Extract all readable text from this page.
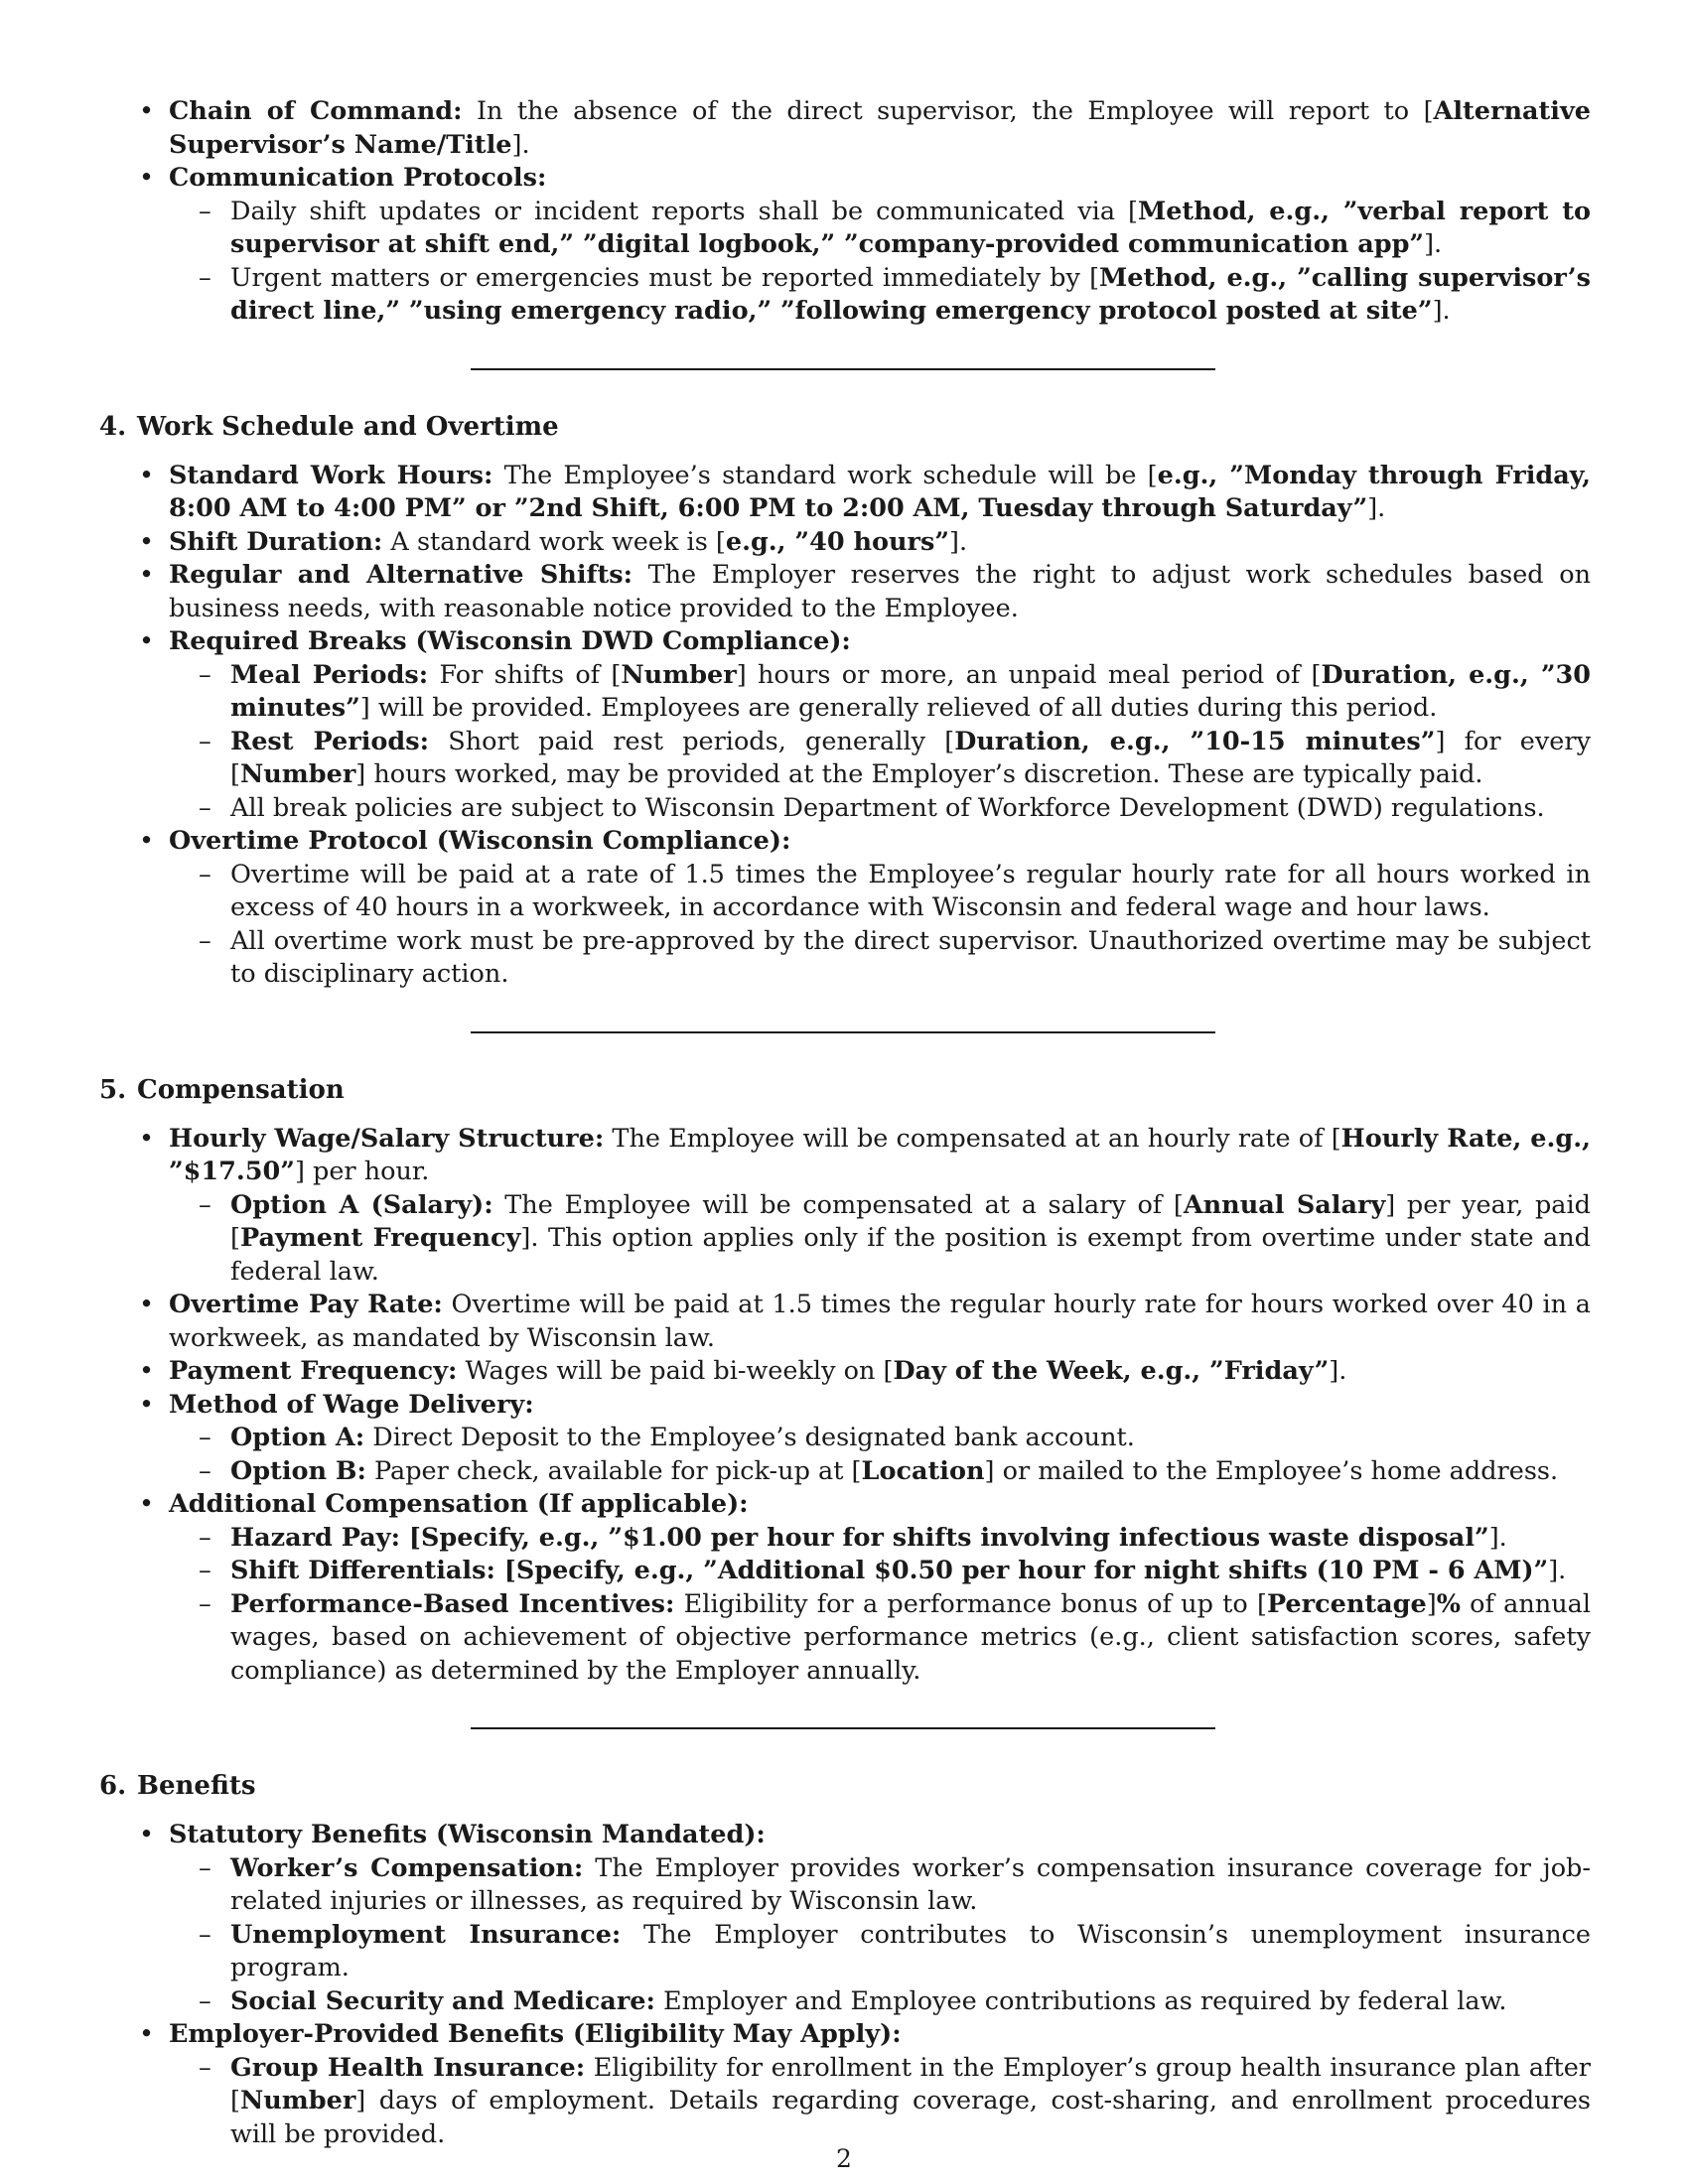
• Chain of Command: In the absence of the direct supervisor, the Employee will report to [Alternative Supervisor’s Name/Title].
• Communication Protocols:
– Daily shift updates or incident reports shall be communicated via [Method, e.g., ”verbal report to supervisor at shift end,” ”digital logbook,” ”company-provided communication app”].
– Urgent matters or emergencies must be reported immediately by [Method, e.g., ”calling supervisor’s direct line,” ”using emergency radio,” ”following emergency protocol posted at site”].
4. Work Schedule and Overtime
• Standard Work Hours: The Employee’s standard work schedule will be [e.g., ”Monday through Friday, 8:00 AM to 4:00 PM” or ”2nd Shift, 6:00 PM to 2:00 AM, Tuesday through Saturday”].
• Shift Duration: A standard work week is [e.g., ”40 hours”].
• Regular and Alternative Shifts: The Employer reserves the right to adjust work schedules based on business needs, with reasonable notice provided to the Employee.
• Required Breaks (Wisconsin DWD Compliance):
– Meal Periods: For shifts of [Number] hours or more, an unpaid meal period of [Duration, e.g., ”30 minutes”] will be provided. Employees are generally relieved of all duties during this period.
– Rest Periods: Short paid rest periods, generally [Duration, e.g., ”10-15 minutes”] for every [Number] hours worked, may be provided at the Employer’s discretion. These are typically paid.
– All break policies are subject to Wisconsin Department of Workforce Development (DWD) regulations.
• Overtime Protocol (Wisconsin Compliance):
– Overtime will be paid at a rate of 1.5 times the Employee’s regular hourly rate for all hours worked in excess of 40 hours in a workweek, in accordance with Wisconsin and federal wage and hour laws.
– All overtime work must be pre-approved by the direct supervisor. Unauthorized overtime may be subject to disciplinary action.
5. Compensation
• Hourly Wage/Salary Structure: The Employee will be compensated at an hourly rate of [Hourly Rate, e.g., ”$17.50”] per hour.
– Option A (Salary): The Employee will be compensated at a salary of [Annual Salary] per year, paid [Payment Frequency]. This option applies only if the position is exempt from overtime under state and federal law.
• Overtime Pay Rate: Overtime will be paid at 1.5 times the regular hourly rate for hours worked over 40 in a workweek, as mandated by Wisconsin law.
• Payment Frequency: Wages will be paid bi-weekly on [Day of the Week, e.g., ”Friday”].
• Method of Wage Delivery:
– Option A: Direct Deposit to the Employee’s designated bank account.
– Option B: Paper check, available for pick-up at [Location] or mailed to the Employee’s home address.
• Additional Compensation (If applicable):
– Hazard Pay: [Specify, e.g., ”$1.00 per hour for shifts involving infectious waste disposal”].
– Shift Differentials: [Specify, e.g., ”Additional $0.50 per hour for night shifts (10 PM - 6 AM)”].
– Performance-Based Incentives: Eligibility for a performance bonus of up to [Percentage]% of annual wages, based on achievement of objective performance metrics (e.g., client satisfaction scores, safety compliance) as determined by the Employer annually.
6. Benefits
• Statutory Benefits (Wisconsin Mandated):
– Worker’s Compensation: The Employer provides worker’s compensation insurance coverage for job-related injuries or illnesses, as required by Wisconsin law.
– Unemployment Insurance: The Employer contributes to Wisconsin’s unemployment insurance program.
– Social Security and Medicare: Employer and Employee contributions as required by federal law.
• Employer-Provided Benefits (Eligibility May Apply):
– Group Health Insurance: Eligibility for enrollment in the Employer’s group health insurance plan after [Number] days of employment. Details regarding coverage, cost-sharing, and enrollment procedures will be provided.
2
